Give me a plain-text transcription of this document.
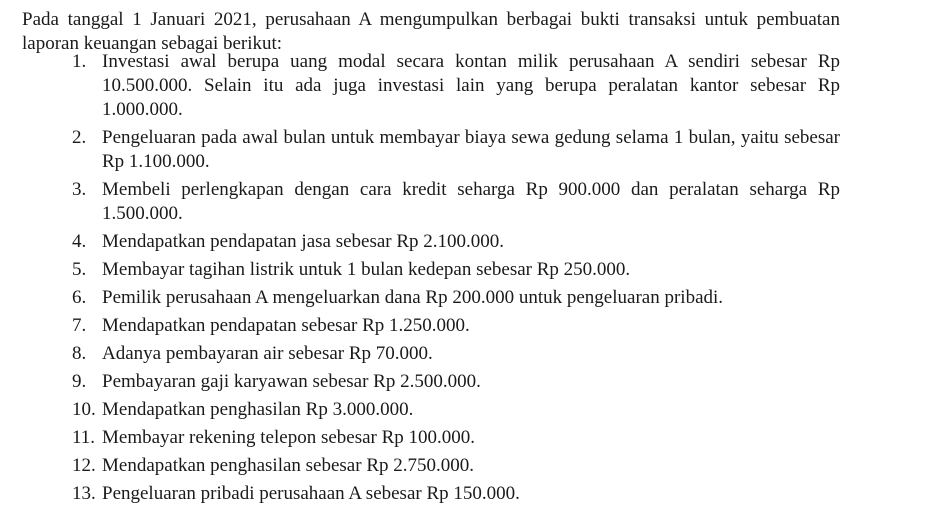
Pada tanggal 1 Januari 2021, perusahaan A mengumpulkan berbagai bukti transaksi untuk pembuatan laporan keuangan sebagai berikut:

1. Investasi awal berupa uang modal secara kontan milik perusahaan A sendiri sebesar Rp 10.500.000. Selain itu ada juga investasi lain yang berupa peralatan kantor sebesar Rp 1.000.000.
2. Pengeluaran pada awal bulan untuk membayar biaya sewa gedung selama 1 bulan, yaitu sebesar Rp 1.100.000.
3. Membeli perlengkapan dengan cara kredit seharga Rp 900.000 dan peralatan seharga Rp 1.500.000.
4. Mendapatkan pendapatan jasa sebesar Rp 2.100.000.
5. Membayar tagihan listrik untuk 1 bulan kedepan sebesar Rp 250.000.
6. Pemilik perusahaan A mengeluarkan dana Rp 200.000 untuk pengeluaran pribadi.
7. Mendapatkan pendapatan sebesar Rp 1.250.000.
8. Adanya pembayaran air sebesar Rp 70.000.
9. Pembayaran gaji karyawan sebesar Rp 2.500.000.
10. Mendapatkan penghasilan Rp 3.000.000.
11. Membayar rekening telepon sebesar Rp 100.000.
12. Mendapatkan penghasilan sebesar Rp 2.750.000.
13. Pengeluaran pribadi perusahaan A sebesar Rp 150.000.
